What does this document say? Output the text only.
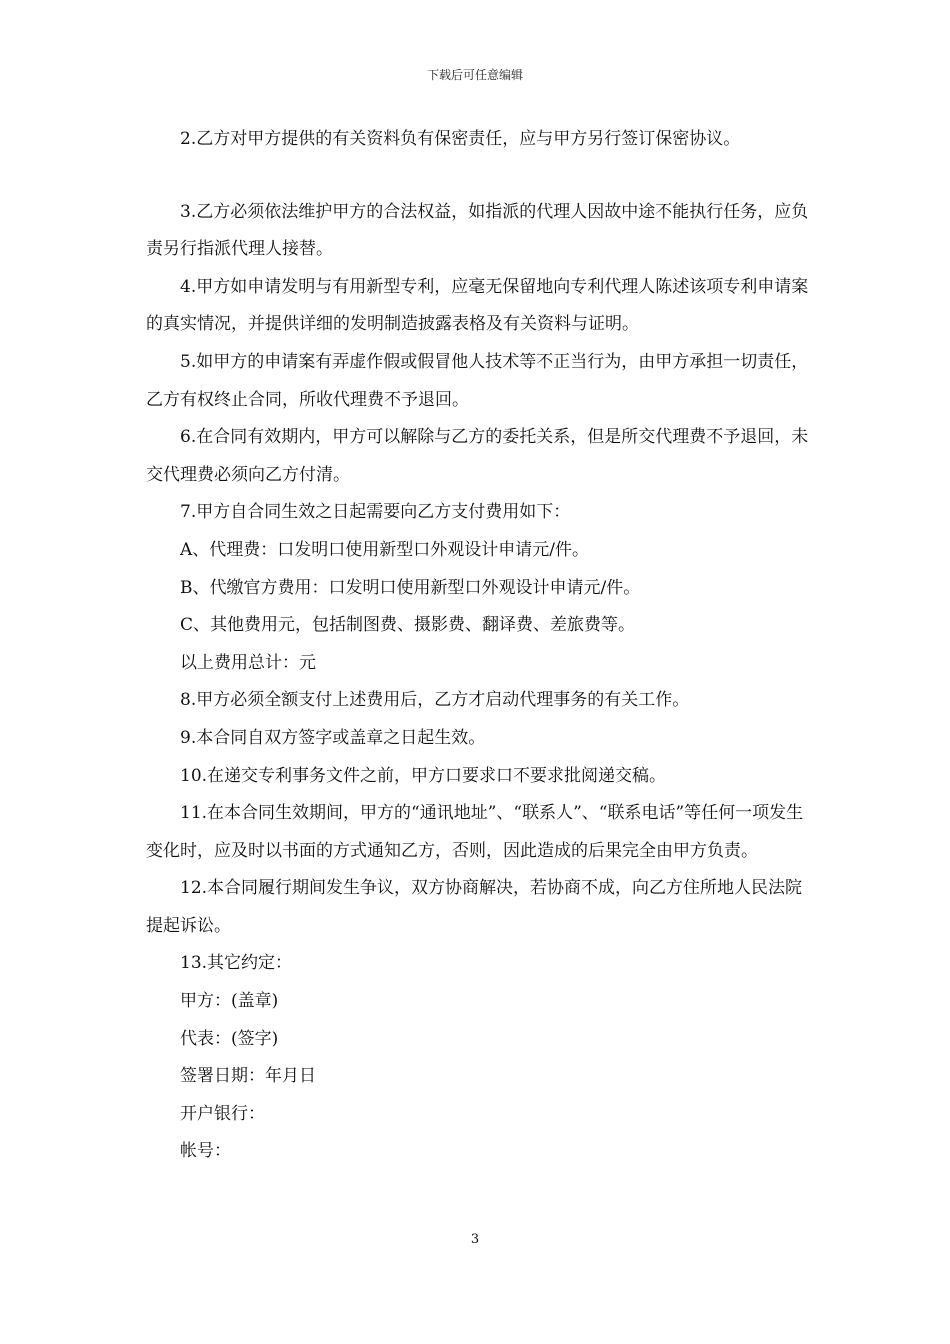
下载后可任意编辑

2.乙方对甲方提供的有关资料负有保密责任，应与甲方另行签订保密协议。

3.乙方必须依法维护甲方的合法权益，如指派的代理人因故中途不能执行任务，应负责另行指派代理人接替。

4.甲方如申请发明与有用新型专利，应毫无保留地向专利代理人陈述该项专利申请案的真实情况，并提供详细的发明制造披露表格及有关资料与证明。

5.如甲方的申请案有弄虚作假或假冒他人技术等不正当行为，由甲方承担一切责任，乙方有权终止合同，所收代理费不予退回。

6.在合同有效期内，甲方可以解除与乙方的委托关系，但是所交代理费不予退回，未交代理费必须向乙方付清。

7.甲方自合同生效之日起需要向乙方支付费用如下：

A、代理费：口发明口使用新型口外观设计申请元/件。

B、代缴官方费用：口发明口使用新型口外观设计申请元/件。

C、其他费用元，包括制图费、摄影费、翻译费、差旅费等。

以上费用总计：元

8.甲方必须全额支付上述费用后，乙方才启动代理事务的有关工作。

9.本合同自双方签字或盖章之日起生效。

10.在递交专利事务文件之前，甲方口要求口不要求批阅递交稿。

11.在本合同生效期间，甲方的“通讯地址”、“联系人”、“联系电话”等任何一项发生变化时，应及时以书面的方式通知乙方，否则，因此造成的后果完全由甲方负责。

12.本合同履行期间发生争议，双方协商解决，若协商不成，向乙方住所地人民法院提起诉讼。

13.其它约定：

甲方：(盖章)

代表：(签字)

签署日期：年月日

开户银行：

帐号：

3
